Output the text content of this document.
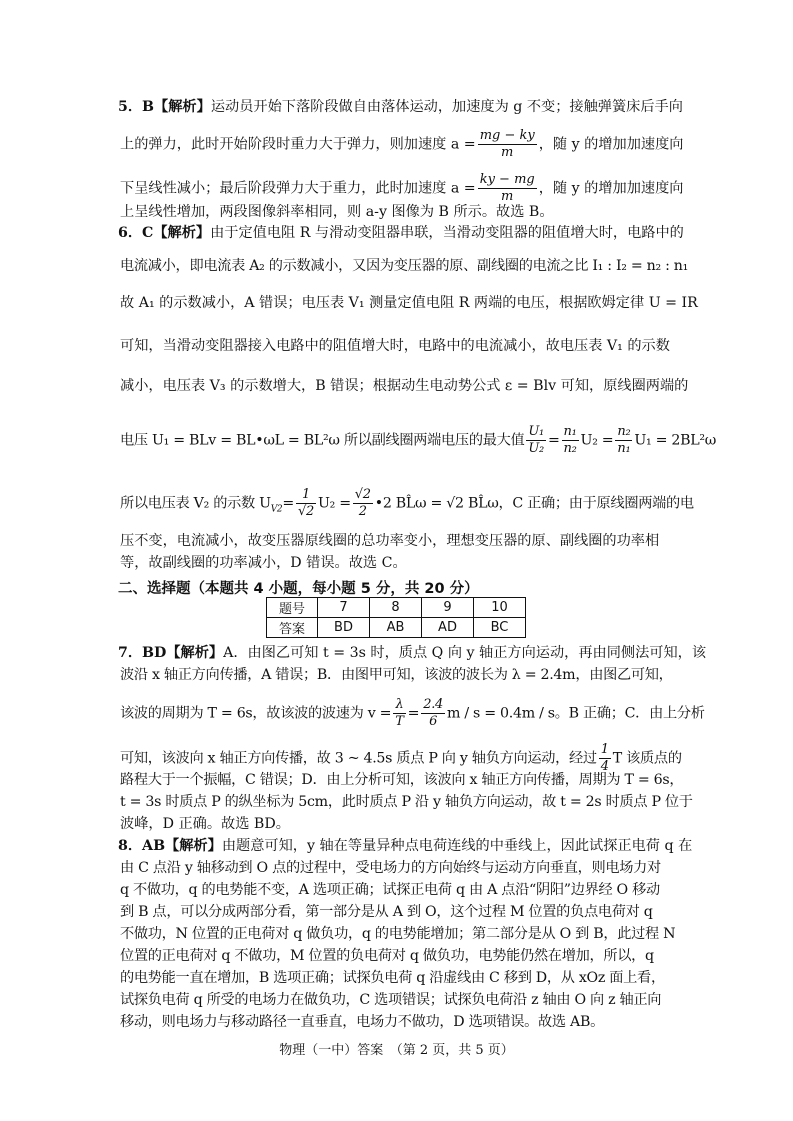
5．B【解析】运动员开始下落阶段做自由落体运动，加速度为 g 不变；接触弹簧床后手向
上的弹力，此时开始阶段时重力大于弹力，则加速度 $a = \frac{mg - ky}{m}$ ，随 y 的增加加速度向
下呈线性减小；最后阶段弹力大于重力，此时加速度 $a = \frac{ky - mg}{m}$ ，随 y 的增加加速度向
上呈线性增加，两段图像斜率相同，则 a-y 图像为 B 所示。故选 B。
6．C【解析】由于定值电阻 R 与滑动变阻器串联，当滑动变阻器的阻值增大时，电路中的
电流减小，即电流表 A₂ 的示数减小，又因为变压器的原、副线圈的电流之比 I₁ : I₂ = n₂ : n₁
故 A₁ 的示数减小，A 错误；电压表 V₁ 测量定值电阻 R 两端的电压，根据欧姆定律 U = IR
可知，当滑动变阻器接入电路中的阻值增大时，电路中的电流减小，故电压表 V₁ 的示数
减小，电压表 V₃ 的示数增大，B 错误；根据动生电动势公式 ε = Blv 可知，原线圈两端的
电压 U₁ = BLv = BL•ωL = BL²ω 所以副线圈两端电压的最大值 $\frac{\text{U₁}}{\text{U₂}} = \frac{\text{n₁}}{\text{n₂}} U_2 = \frac{\text{n₂}}{\text{n₁}} U_1 = 2BL^2\omega$
所以电压表 V₂ 的示数 $U_{V2}= \frac{1}{√2} U_2 = \frac{√2}{2}$ •2 BL̂ω = √2 BL̂ω，C 正确；由于原线圈两端的电
压不变，电流减小，故变压器原线圈的总功率变小，理想变压器的原、副线圈的功率相
等，故副线圈的功率减小，D 错误。故选 C。
二、选择题（本题共 4 小题，每小题 5 分，共 20 分）
题号	7	8	9	10
答案	BD	AB	AD	BC
7．BD【解析】A．由图乙可知 t = 3s 时，质点 Q 向 y 轴正方向运动，再由同侧法可知，该
波沿 x 轴正方向传播，A 错误；B．由图甲可知，该波的波长为 λ = 2.4m，由图乙可知，
该波的周期为 T = 6s，故该波的波速为 $v = \frac{\lambda}{T} = \frac{2.4}{6}$ m / s = 0.4m / s。B 正确；C．由上分析
可知，该波向 x 轴正方向传播，故 3 ~ 4.5s 质点 P 向 y 轴负方向运动，经过 $\frac{1}{4}$ T 该质点的
路程大于一个振幅，C 错误；D．由上分析可知，该波向 x 轴正方向传播，周期为 T = 6s，
t = 3s 时质点 P 的纵坐标为 5cm，此时质点 P 沿 y 轴负方向运动，故 t = 2s 时质点 P 位于
波峰，D 正确。故选 BD。
8．AB【解析】由题意可知，y 轴在等量异种点电荷连线的中垂线上，因此试探正电荷 q 在
由 C 点沿 y 轴移动到 O 点的过程中，受电场力的方向始终与运动方向垂直，则电场力对
q 不做功，q 的电势能不变，A 选项正确；试探正电荷 q 由 A 点沿“阴阳”边界经 O 移动
到 B 点，可以分成两部分看，第一部分是从 A 到 O，这个过程 M 位置的负点电荷对 q
不做功，N 位置的正电荷对 q 做负功，q 的电势能增加；第二部分是从 O 到 B，此过程 N
位置的正电荷对 q 不做功，M 位置的负电荷对 q 做负功，电势能仍然在增加，所以，q
的电势能一直在增加，B 选项正确；试探负电荷 q 沿虚线由 C 移到 D，从 xOz 面上看，
试探负电荷 q 所受的电场力在做负功，C 选项错误；试探负电荷沿 z 轴由 O 向 z 轴正向
移动，则电场力与移动路径一直垂直，电场力不做功，D 选项错误。故选 AB。
物理（一中）答案　（第 2 页，共 5 页）
